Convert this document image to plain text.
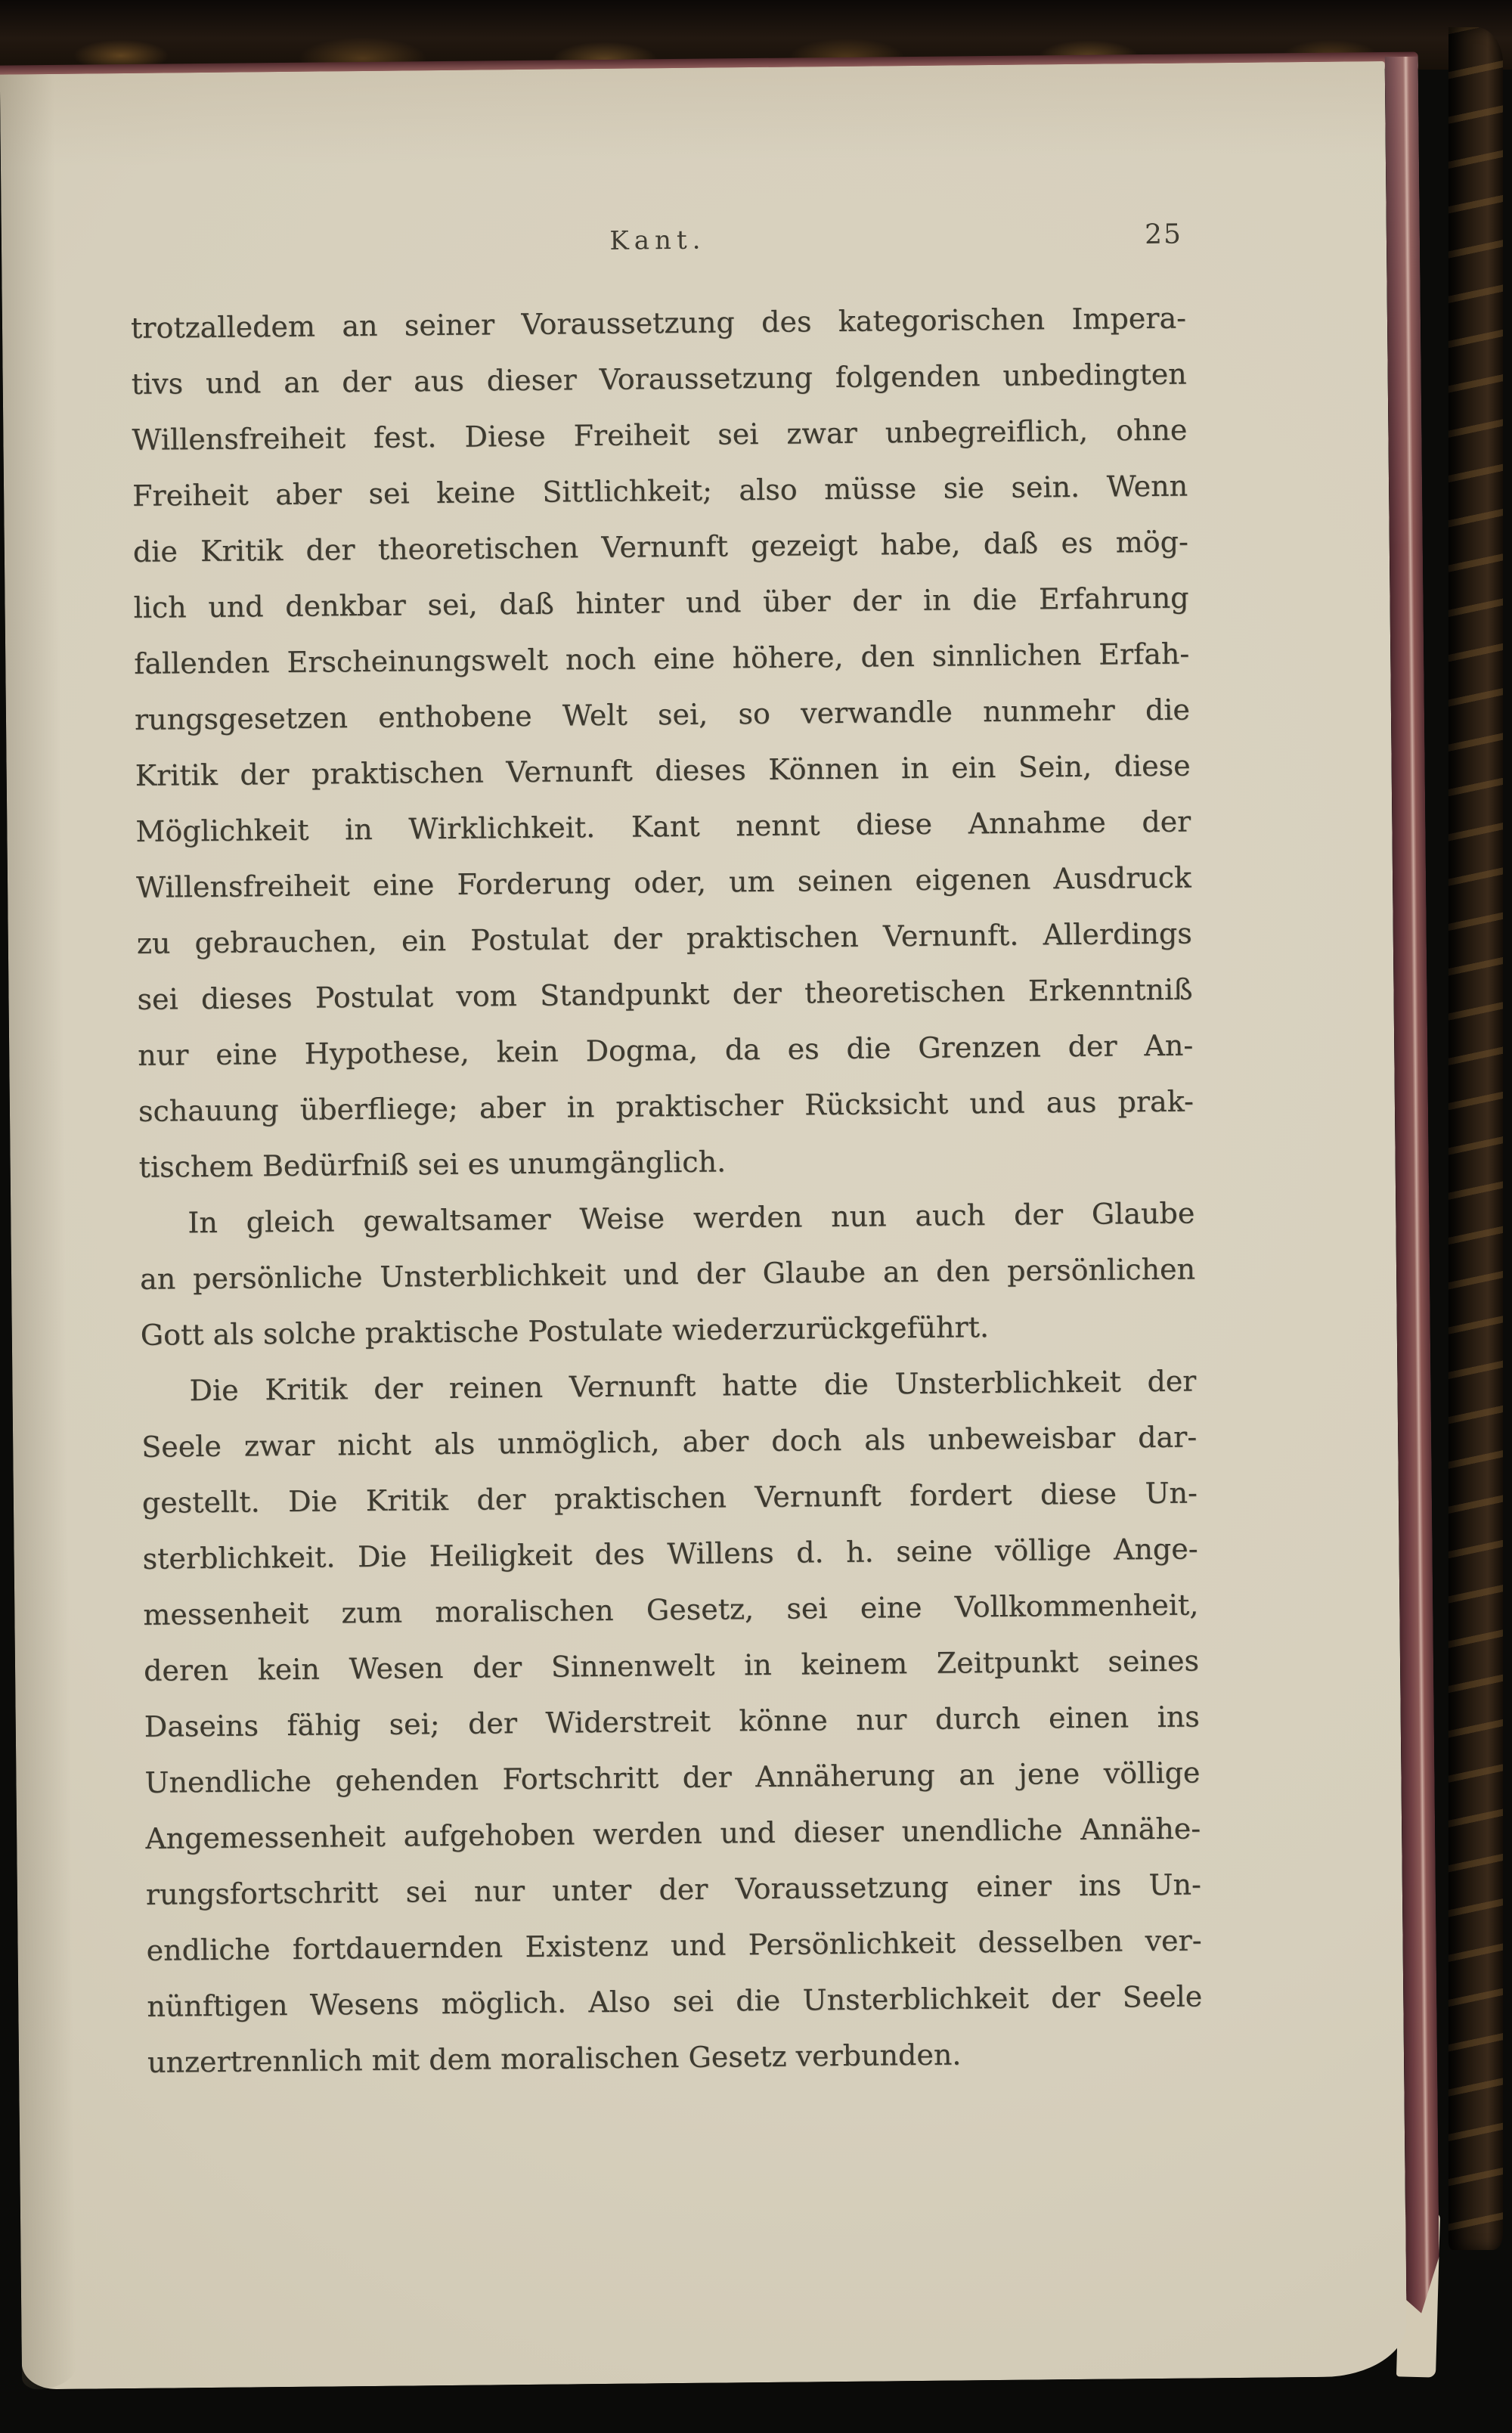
Kant.	25
trotzalledem an seiner Voraussetzung des kategorischen Impera-
tivs und an der aus dieser Voraussetzung folgenden unbedingten
Willensfreiheit fest. Diese Freiheit sei zwar unbegreiflich, ohne
Freiheit aber sei keine Sittlichkeit; also müsse sie sein. Wenn
die Kritik der theoretischen Vernunft gezeigt habe, daß es mög-
lich und denkbar sei, daß hinter und über der in die Erfahrung
fallenden Erscheinungswelt noch eine höhere, den sinnlichen Erfah-
rungsgesetzen enthobene Welt sei, so verwandle nunmehr die
Kritik der praktischen Vernunft dieses Können in ein Sein, diese
Möglichkeit in Wirklichkeit. Kant nennt diese Annahme der
Willensfreiheit eine Forderung oder, um seinen eigenen Ausdruck
zu gebrauchen, ein Postulat der praktischen Vernunft. Allerdings
sei dieses Postulat vom Standpunkt der theoretischen Erkenntniß
nur eine Hypothese, kein Dogma, da es die Grenzen der An-
schauung überfliege; aber in praktischer Rücksicht und aus prak-
tischem Bedürfniß sei es unumgänglich.
In gleich gewaltsamer Weise werden nun auch der Glaube
an persönliche Unsterblichkeit und der Glaube an den persönlichen
Gott als solche praktische Postulate wiederzurückgeführt.
Die Kritik der reinen Vernunft hatte die Unsterblichkeit der
Seele zwar nicht als unmöglich, aber doch als unbeweisbar dar-
gestellt. Die Kritik der praktischen Vernunft fordert diese Un-
sterblichkeit. Die Heiligkeit des Willens d. h. seine völlige Ange-
messenheit zum moralischen Gesetz, sei eine Vollkommenheit,
deren kein Wesen der Sinnenwelt in keinem Zeitpunkt seines
Daseins fähig sei; der Widerstreit könne nur durch einen ins
Unendliche gehenden Fortschritt der Annäherung an jene völlige
Angemessenheit aufgehoben werden und dieser unendliche Annähe-
rungsfortschritt sei nur unter der Voraussetzung einer ins Un-
endliche fortdauernden Existenz und Persönlichkeit desselben ver-
nünftigen Wesens möglich. Also sei die Unsterblichkeit der Seele
unzertrennlich mit dem moralischen Gesetz verbunden.
